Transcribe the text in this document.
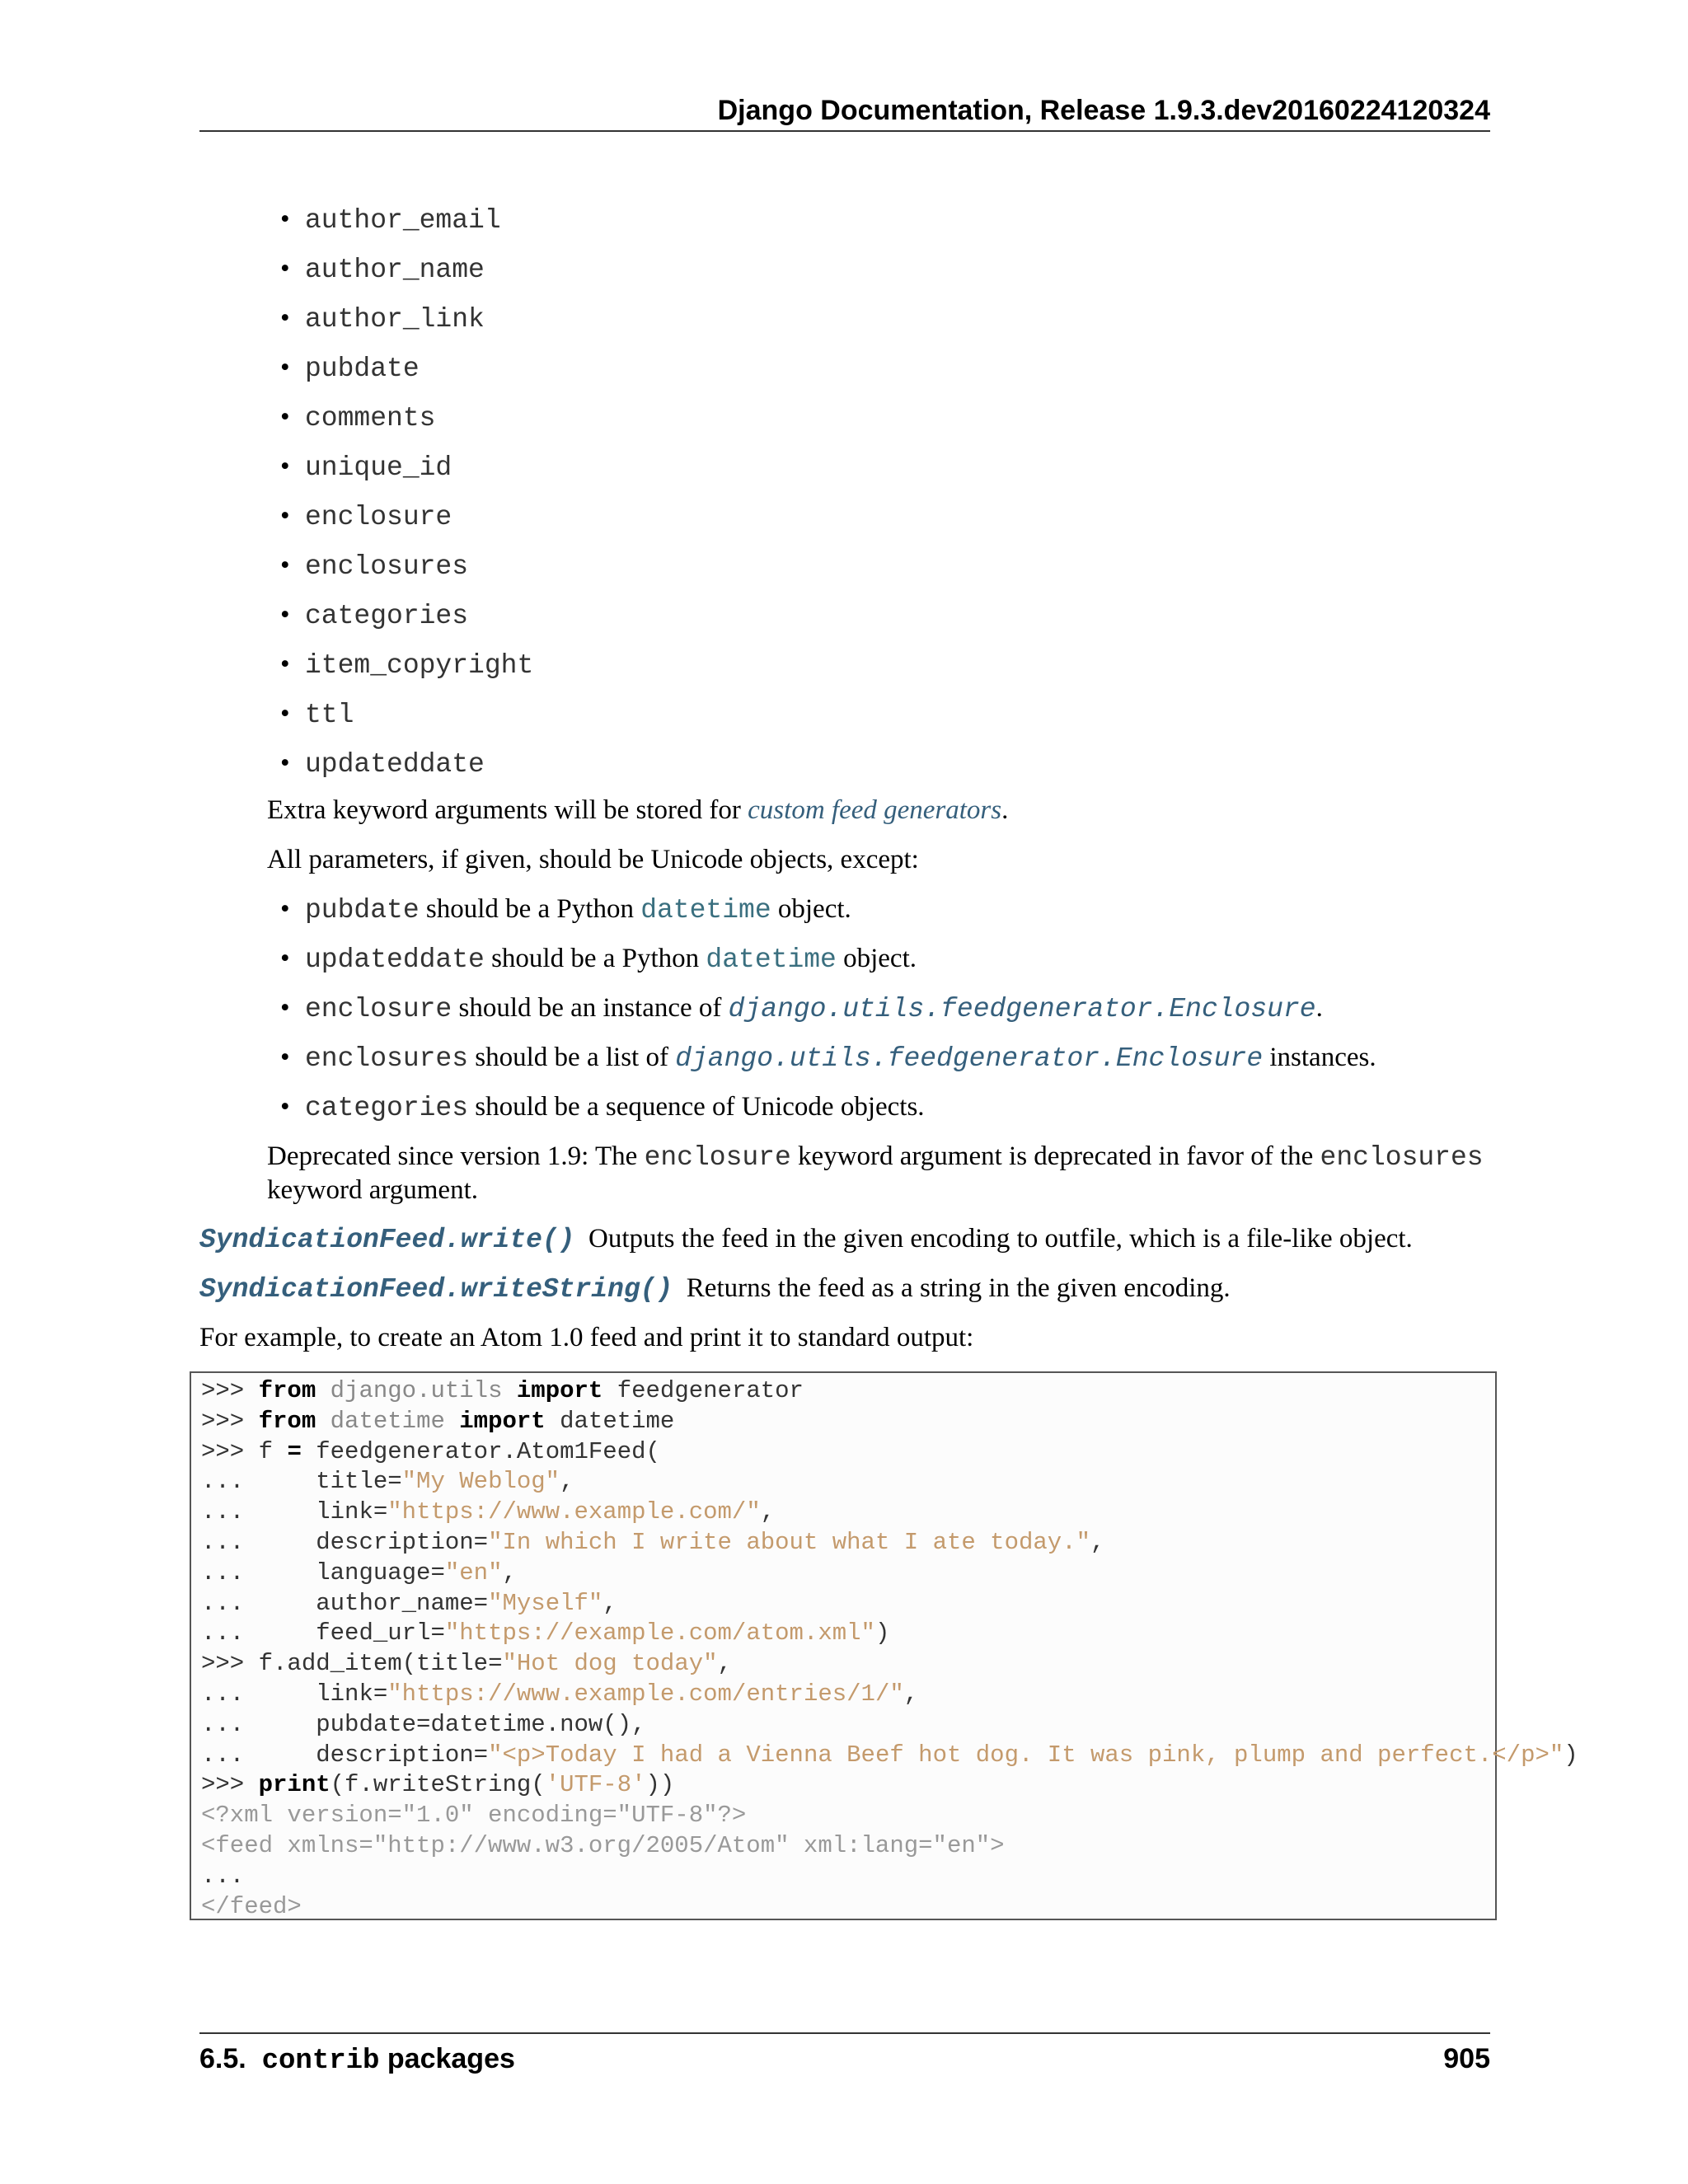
Django Documentation, Release 1.9.3.dev20160224120324
• author_email
• author_name
• author_link
• pubdate
• comments
• unique_id
• enclosure
• enclosures
• categories
• item_copyright
• ttl
• updateddate
Extra keyword arguments will be stored for custom feed generators.
All parameters, if given, should be Unicode objects, except:
• pubdate should be a Python datetime object.
• updateddate should be a Python datetime object.
• enclosure should be an instance of django.utils.feedgenerator.Enclosure.
• enclosures should be a list of django.utils.feedgenerator.Enclosure instances.
• categories should be a sequence of Unicode objects.
Deprecated since version 1.9: The enclosure keyword argument is deprecated in favor of the enclosures
keyword argument.
SyndicationFeed.write() Outputs the feed in the given encoding to outfile, which is a file-like object.
SyndicationFeed.writeString() Returns the feed as a string in the given encoding.
For example, to create an Atom 1.0 feed and print it to standard output:
>>> from django.utils import feedgenerator
>>> from datetime import datetime
>>> f = feedgenerator.Atom1Feed(
...     title="My Weblog",
...     link="https://www.example.com/",
...     description="In which I write about what I ate today.",
...     language="en",
...     author_name="Myself",
...     feed_url="https://example.com/atom.xml")
>>> f.add_item(title="Hot dog today",
...     link="https://www.example.com/entries/1/",
...     pubdate=datetime.now(),
...     description="<p>Today I had a Vienna Beef hot dog. It was pink, plump and perfect.</p>")
>>> print(f.writeString('UTF-8'))
<?xml version="1.0" encoding="UTF-8"?>
<feed xmlns="http://www.w3.org/2005/Atom" xml:lang="en">
...
</feed>
6.5. contrib packages	905
